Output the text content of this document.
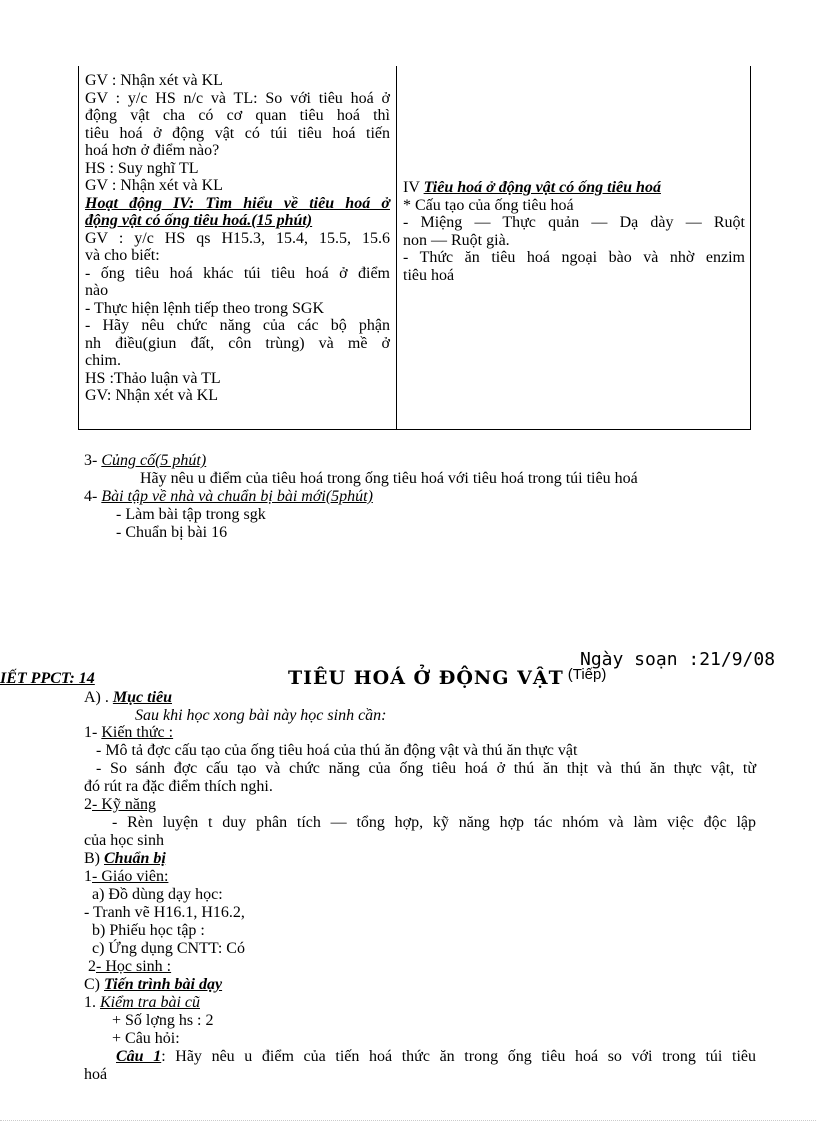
GV : Nhận xét và KL
GV : y/c HS n/c và TL: So với tiêu hoá ở
động vật cha có cơ quan tiêu hoá thì
tiêu hoá ở động vật có túi tiêu hoá tiến
hoá hơn ở điểm nào?
HS : Suy nghĩ TL
GV : Nhận xét và KL
Hoạt động IV: Tìm hiểu về tiêu hoá ở
động vật có ống tiêu hoá.(15 phút)
GV : y/c HS qs H15.3, 15.4, 15.5, 15.6
và cho biết:
- ống tiêu hoá khác túi tiêu hoá ở điểm
nào
- Thực hiện lệnh tiếp theo trong SGK
- Hãy nêu chức năng của các bộ phận
nh điều(giun đất, côn trùng) và mề ở
chim.
HS :Thảo luận và TL
GV: Nhận xét và KL
IV Tiêu hoá ở động vật có ống tiêu hoá
* Cấu tạo của ống tiêu hoá
- Miệng — Thực quản — Dạ dày — Ruột
non — Ruột già.
- Thức ăn tiêu hoá ngoại bào và nhờ enzim
tiêu hoá
3- Củng cố(5 phút)
Hãy nêu u điểm của tiêu hoá trong ống tiêu hoá với tiêu hoá trong túi tiêu hoá
4- Bài tập về nhà và chuẩn bị bài mới(5phút)
- Làm bài tập trong sgk
- Chuẩn bị bài 16
Ngày soạn :21/9/08
IẾT PPCT: 14	TIÊU HOÁ Ở ĐỘNG VẬT (Tiếp)
A) . Mục tiêu
Sau khi học xong bài này học sinh cần:
1- Kiến thức :
- Mô tả đợc cấu tạo của ống tiêu hoá của thú ăn động vật và thú ăn thực vật
- So sánh đợc cấu tạo và chức năng của ống tiêu hoá ở thú ăn thịt và thú ăn thực vật, từ
đó rút ra đặc điểm thích nghi.
2- Kỹ năng
- Rèn luyện t duy phân tích — tổng hợp, kỹ năng hợp tác nhóm và làm việc độc lập
của học sinh
B) Chuẩn bị
1- Giáo viên:
a) Đồ dùng dạy học:
- Tranh vẽ H16.1, H16.2,
b) Phiếu học tập :
c) Ứng dụng CNTT: Có
2- Học sinh :
C) Tiến trình bài dạy
1. Kiểm tra bài cũ
+ Số lợng hs : 2
+ Câu hỏi:
Câu 1: Hãy nêu u điểm của tiến hoá thức ăn trong ống tiêu hoá so với trong túi tiêu
hoá
